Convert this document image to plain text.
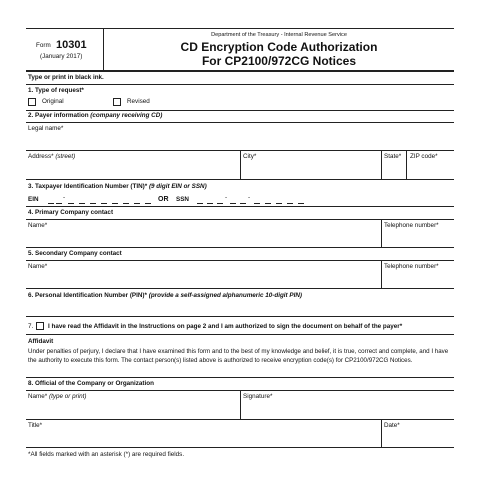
Form 10301
(January 2017)
Department of the Treasury - Internal Revenue Service
CD Encryption Code Authorization
For CP2100/972CG Notices
Type or print in black ink.
1. Type of request*
Original	Revised
2. Payer information (company receiving CD)
Legal name*
Address* (street)	City*	State* ZIP code*
3. Taxpayer Identification Number (TIN)* (9 digit EIN or SSN)
EIN	-	OR SSN	-	-
4. Primary Company contact
Name*	Telephone number*
5. Secondary Company contact
Name*	Telephone number*
6. Personal Identification Number (PIN)* (provide a self-assigned alphanumeric 10-digit PIN)
7. I have read the Affidavit in the Instructions on page 2 and I am authorized to sign the document on behalf of the payer*
Affidavit
Under penalties of perjury, I declare that I have examined this form and to the best of my knowledge and belief, it is true, correct and complete, and I have the authority to execute this form. The contact person(s) listed above is authorized to receive encryption code(s) for CP2100/972CG Notices.
8. Official of the Company or Organization
Name* (type or print)	Signature*
Title*	Date*
*All fields marked with an asterisk (*) are required fields.
